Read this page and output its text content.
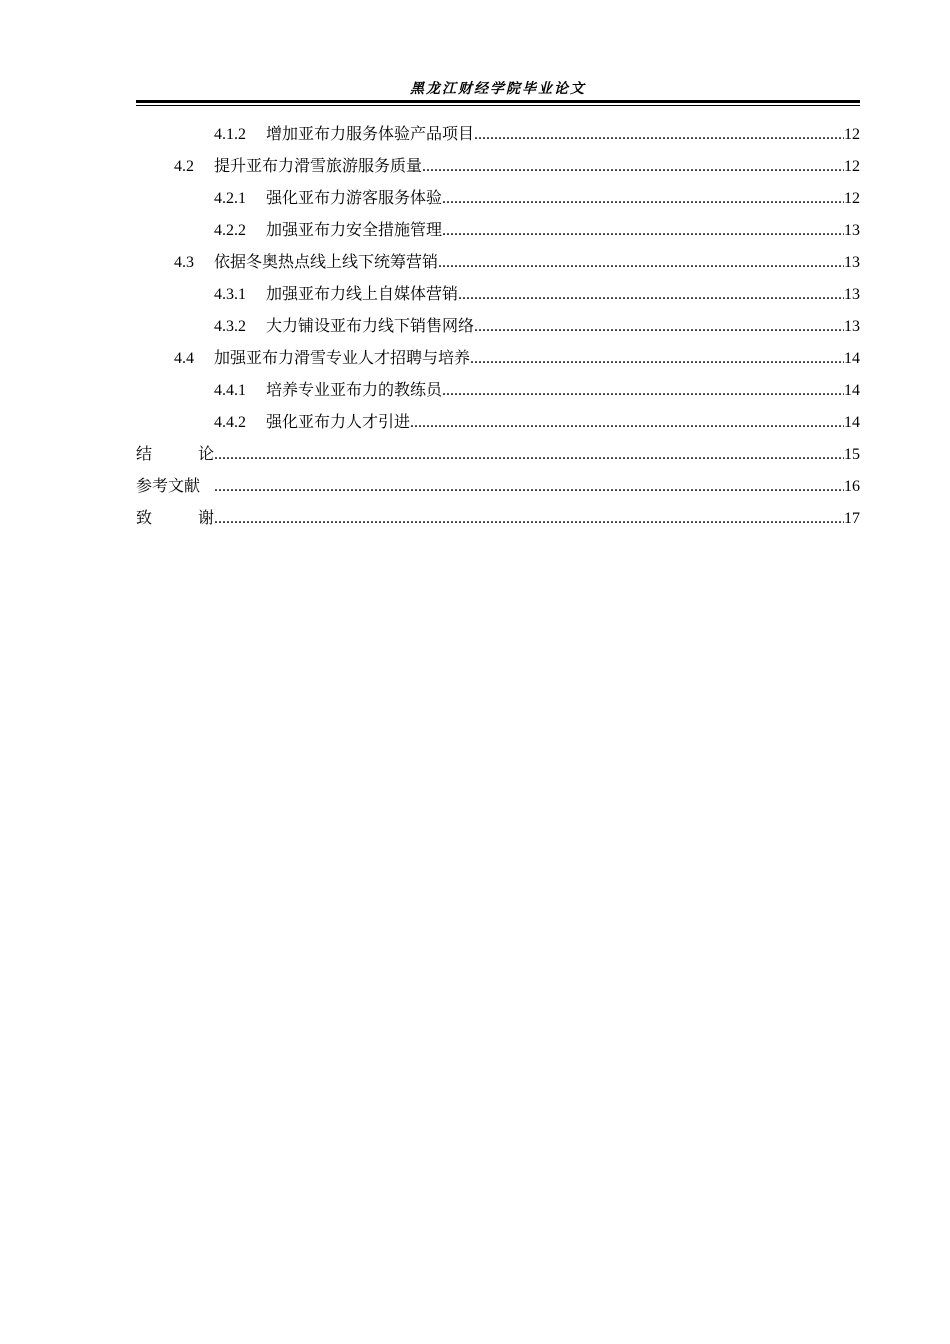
黑龙江财经学院毕业论文
4.1.2 增加亚布力服务体验产品项目 .....	12
4.2 提升亚布力滑雪旅游服务质量 .....	12
4.2.1 强化亚布力游客服务体验 .....	12
4.2.2 加强亚布力安全措施管理 .....	13
4.3 依据冬奥热点线上线下统筹营销 .....	13
4.3.1 加强亚布力线上自媒体营销 .....	13
4.3.2 大力铺设亚布力线下销售网络 .....	13
4.4 加强亚布力滑雪专业人才招聘与培养 .....	14
4.4.1 培养专业亚布力的教练员 .....	14
4.4.2 强化亚布力人才引进 .....	14
结	论 .....	15
参考文献 .....	16
致	谢 .....	17
